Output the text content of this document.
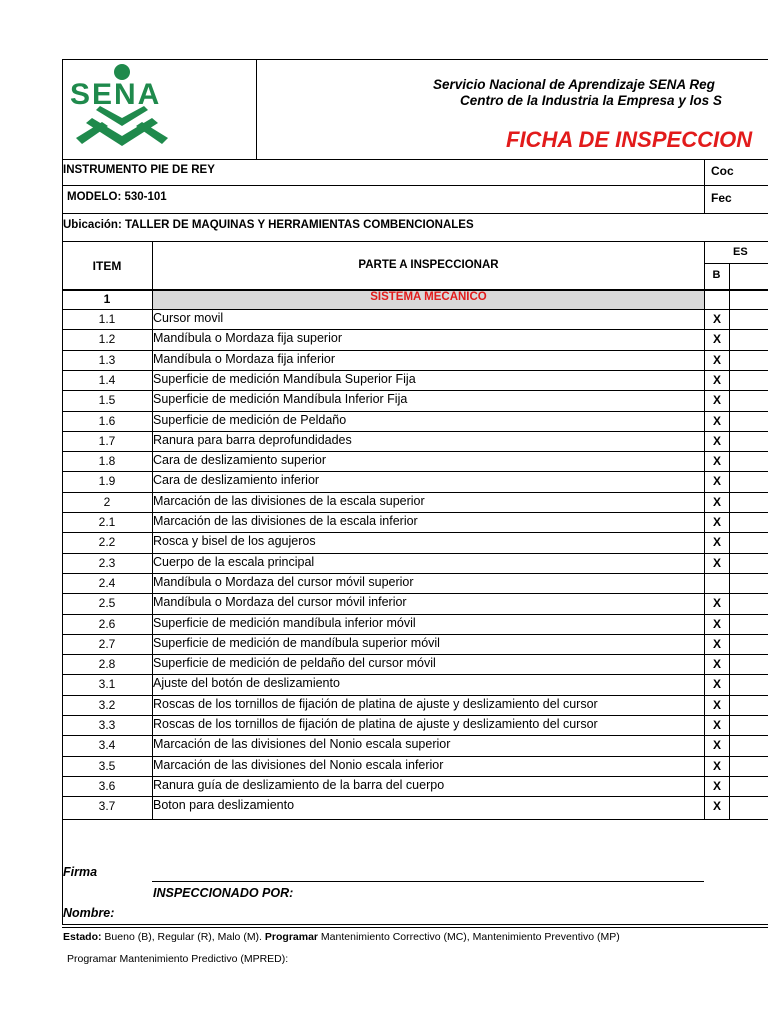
SENA	Servicio Nacional de Aprendizaje SENA Reg
Centro de la Industria la Empresa y los S
FICHA DE INSPECCION
INSTRUMENTO PIE DE REY	Coc
MODELO: 530-101	Fec
Ubicación: TALLER DE MAQUINAS Y HERRAMIENTAS COMBENCIONALES
ITEM	PARTE A INSPECCIONAR
ES
B
1	SISTEMA MECANICO
1.1	Cursor movil	X
1.2	Mandíbula o Mordaza fija superior	X
1.3	Mandíbula o Mordaza fija inferior	X
1.4	Superficie de medición Mandíbula Superior Fija	X
1.5	Superficie de medición Mandíbula Inferior Fija	X
1.6	Superficie de medición de Peldaño	X
1.7	Ranura para barra deprofundidades	X
1.8	Cara de deslizamiento superior	X
1.9	Cara de deslizamiento inferior	X
2	Marcación de las divisiones de la escala superior	X
2.1	Marcación de las divisiones de la escala inferior	X
2.2	Rosca y bisel de los agujeros	X
2.3	Cuerpo de la escala principal	X
2.4	Mandíbula o Mordaza del cursor móvil superior
2.5	Mandíbula o Mordaza del cursor móvil inferior	X
2.6	Superficie de medición mandíbula inferior móvil	X
2.7	Superficie de medición de mandíbula superior móvil	X
2.8	Superficie de medición de peldaño del cursor móvil	X
3.1	Ajuste del botón de deslizamiento	X
3.2	Roscas de los tornillos de fijación de platina de ajuste y deslizamiento del cursor	X
3.3	Roscas de los tornillos de fijación de platina de ajuste y deslizamiento del cursor	X
3.4	Marcación de las divisiones del Nonio escala superior	X
3.5	Marcación de las divisiones del Nonio escala inferior	X
3.6	Ranura guía de deslizamiento de la barra del cuerpo	X
3.7	Boton para deslizamiento	X
Firma
INSPECCIONADO POR:
Nombre:
Estado: Bueno (B), Regular (R), Malo (M). Programar Mantenimiento Correctivo (MC), Mantenimiento Preventivo (MP)
Programar Mantenimiento Predictivo (MPRED):
